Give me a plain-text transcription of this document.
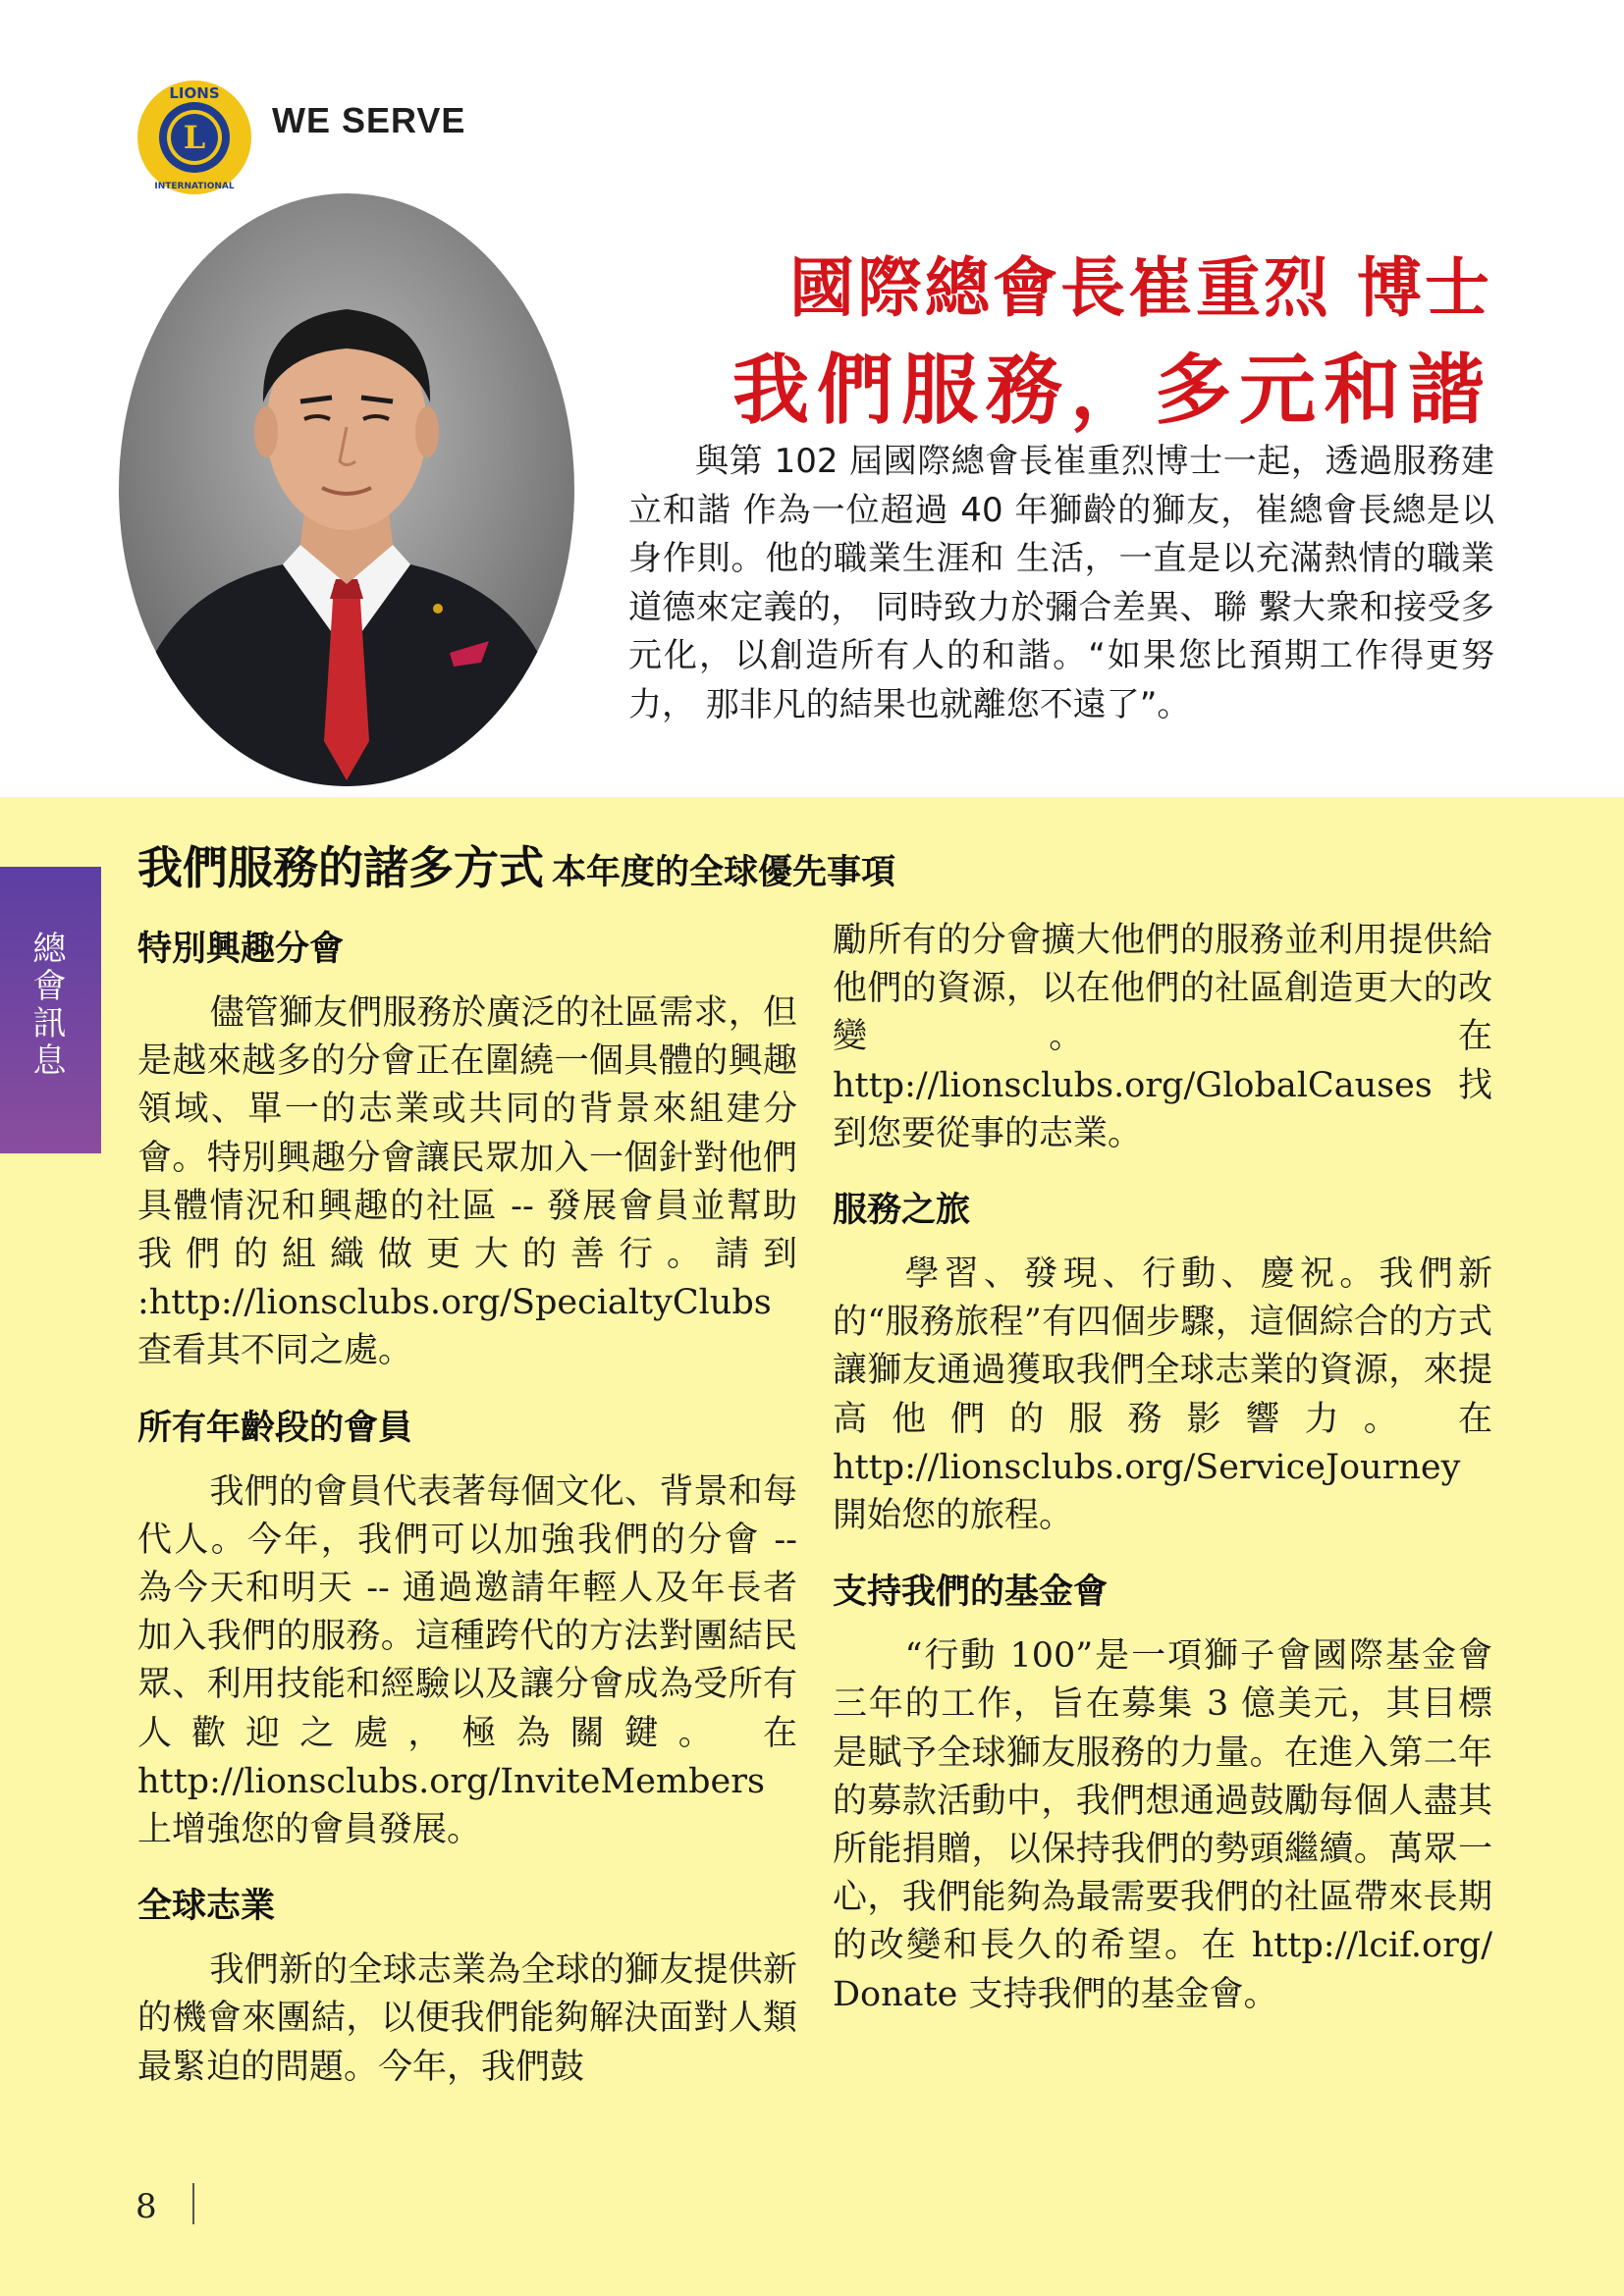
L
LIONS
INTERNATIONAL
WE SERVE
國際總會長崔重烈 博士
我們服務，多元和諧
與第 102 屆國際總會長崔重烈博士一起，透過服務建立和諧 作為一位超過 40 年獅齡的獅友，崔總會長總是以身作則。他的職業生涯和 生活，一直是以充滿熱情的職業道德來定義的， 同時致力於彌合差異、聯 繫大衆和接受多元化，以創造所有人的和諧。“如果您比預期工作得更努力， 那非凡的結果也就離您不遠了”。
總會訊息
我們服務的諸多方式 本年度的全球優先事項
特別興趣分會

儘管獅友們服務於廣泛的社區需求，但是越來越多的分會正在圍繞一個具體的興趣領域、單一的志業或共同的背景來組建分會。特別興趣分會讓民眾加入一個針對他們具體情況和興趣的社區 -- 發展會員並幫助我們的組織做更大的善行。請到 :http://lionsclubs.org/SpecialtyClubs 查看其不同之處。

所有年齡段的會員

我們的會員代表著每個文化、背景和每代人。今年，我們可以加強我們的分會 -- 為今天和明天 -- 通過邀請年輕人及年長者加入我們的服務。這種跨代的方法對團結民眾、利用技能和經驗以及讓分會成為受所有人歡迎之處，極為關鍵。 在 http://lionsclubs.org/InviteMembers 上增強您的會員發展。

全球志業

我們新的全球志業為全球的獅友提供新的機會來團結，以便我們能夠解決面對人類最緊迫的問題。今年，我們鼓

勵所有的分會擴大他們的服務並利用提供給他們的資源，以在他們的社區創造更大的改變。 在 http://lionsclubs.org/GlobalCauses 找到您要從事的志業。

服務之旅

學習、發現、行動、慶祝。我們新的“服務旅程”有四個步驟，這個綜合的方式讓獅友通過獲取我們全球志業的資源，來提高他們的服務影響力。 在 http://lionsclubs.org/ServiceJourney 開始您的旅程。

支持我們的基金會

“行動 100”是一項獅子會國際基金會三年的工作，旨在募集 3 億美元，其目標是賦予全球獅友服務的力量。在進入第二年的募款活動中，我們想通過鼓勵每個人盡其所能捐贈，以保持我們的勢頭繼續。萬眾一心，我們能夠為最需要我們的社區帶來長期的改變和長久的希望。在 http://lcif.org/ Donate 支持我們的基金會。

8
